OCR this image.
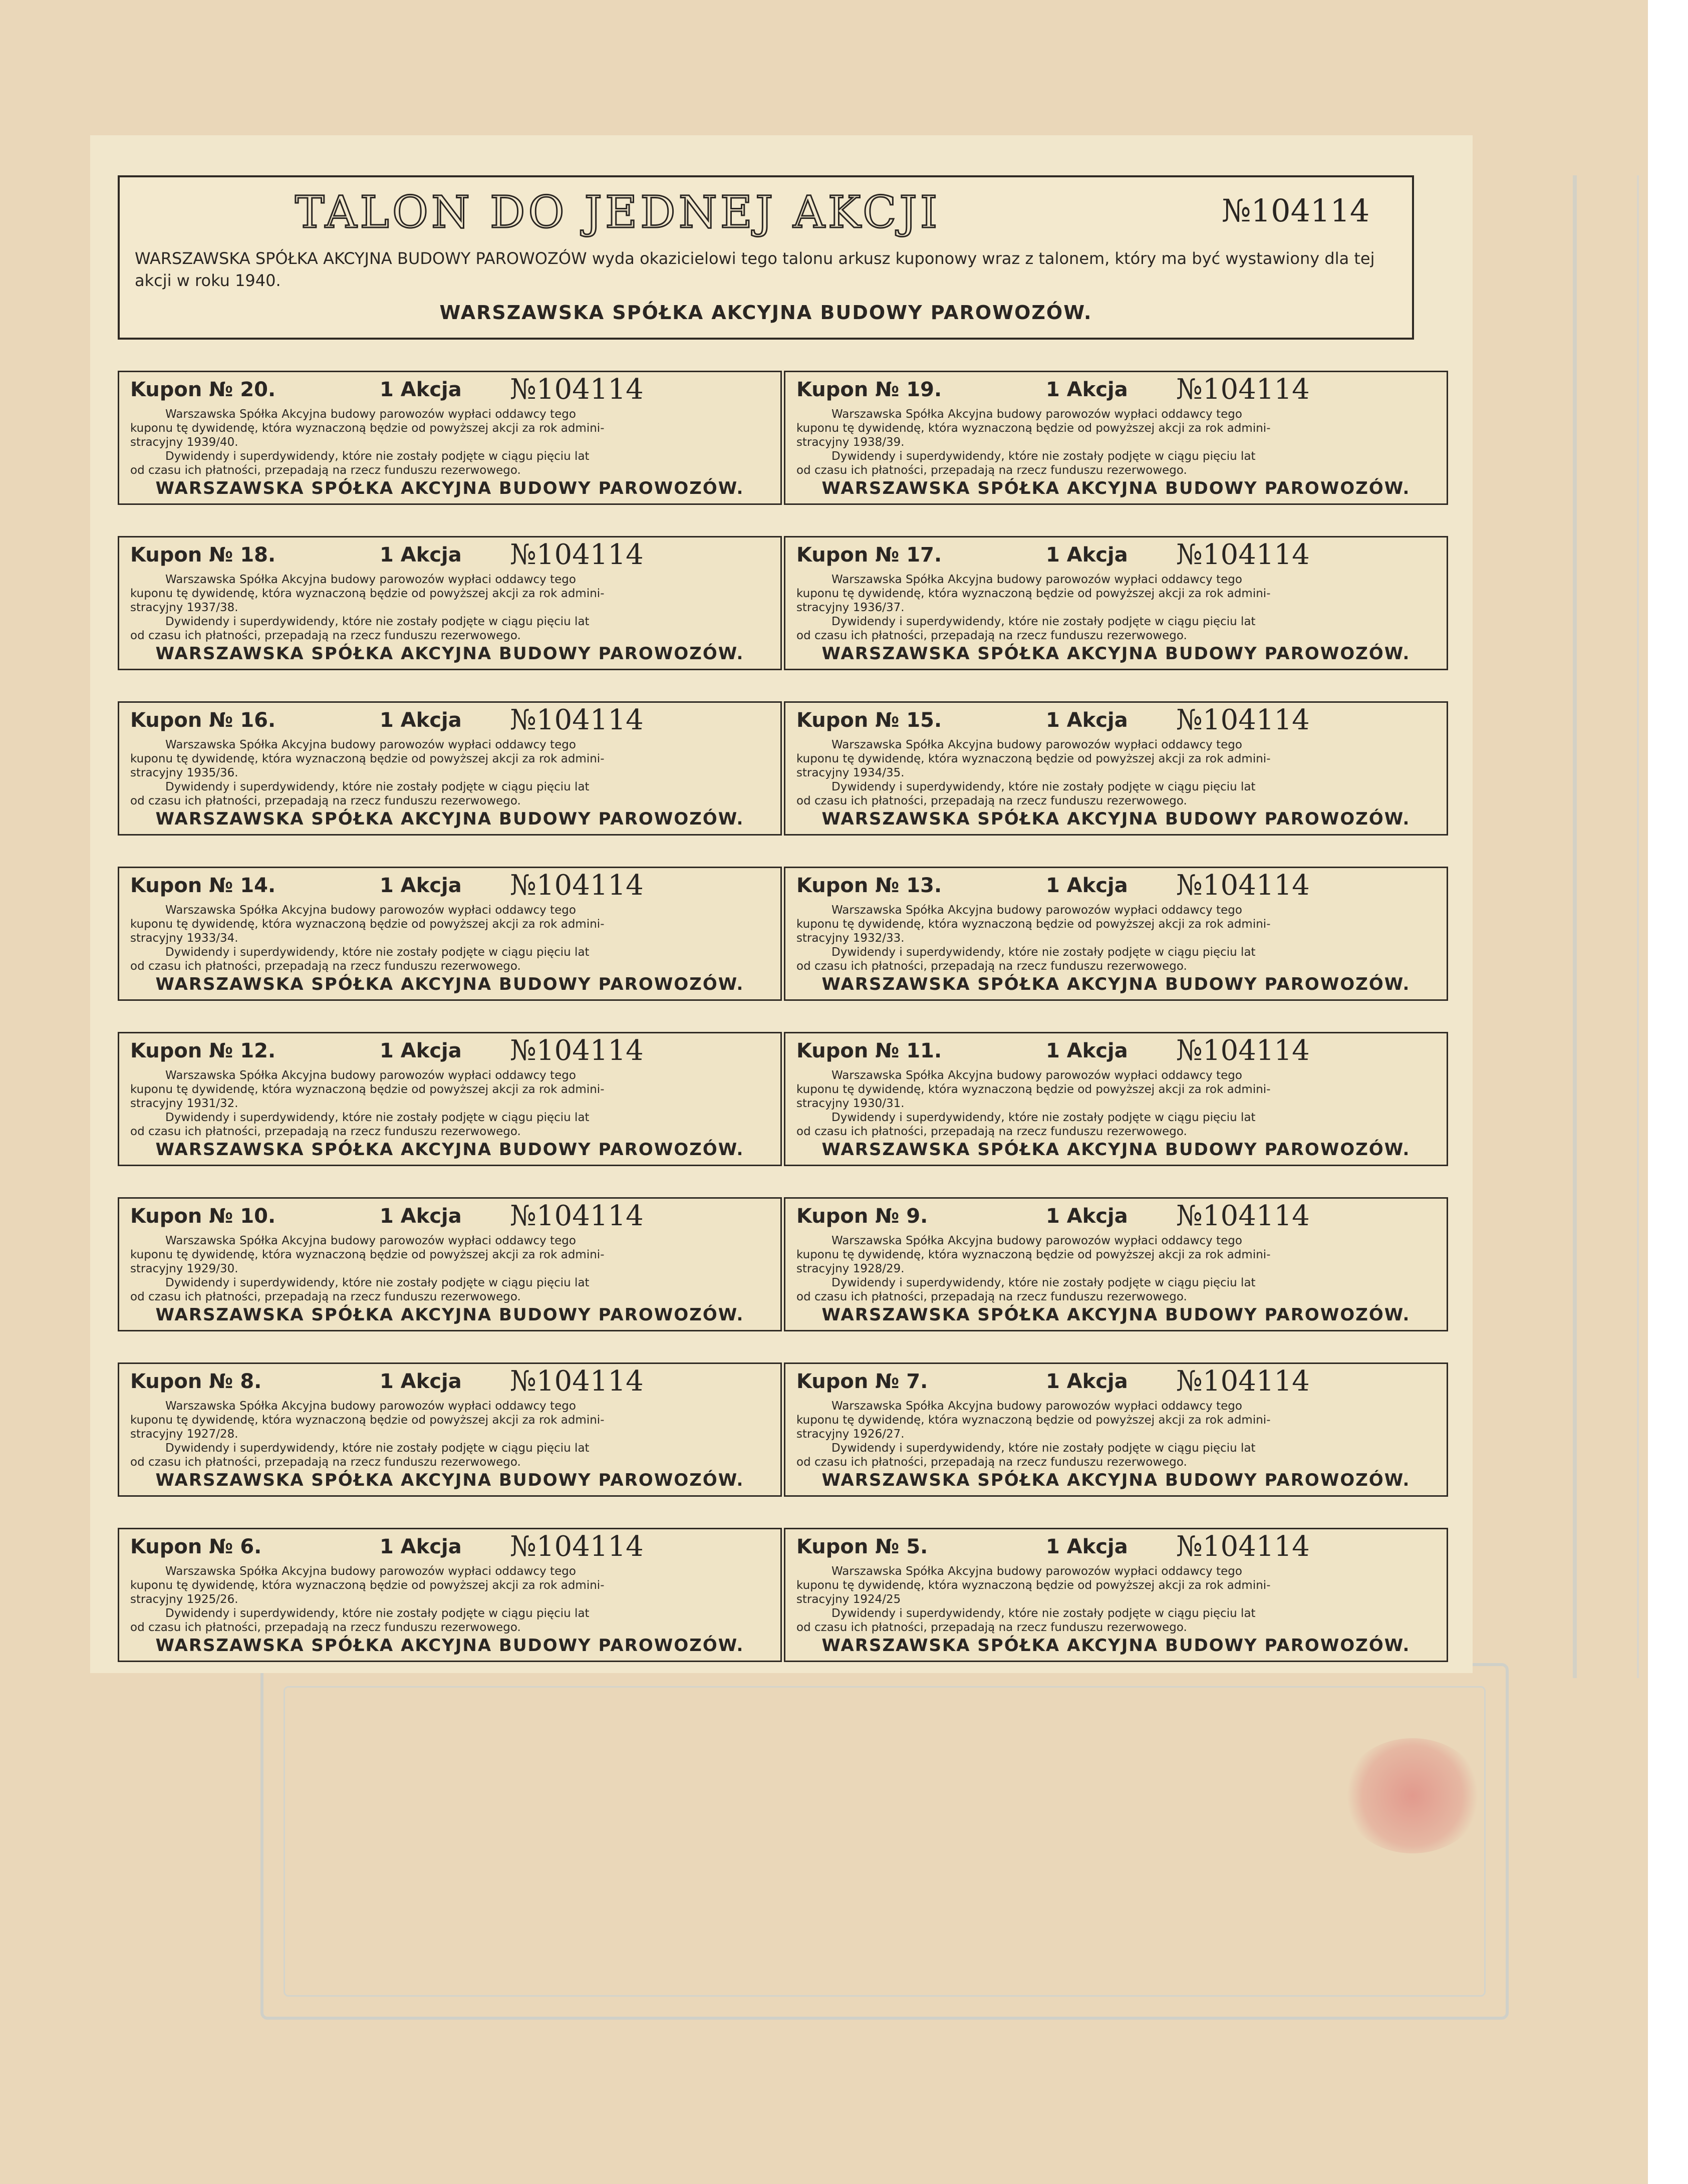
TALON DO JEDNEJ AKCJI	№104114
WARSZAWSKA SPÓŁKA AKCYJNA BUDOWY PAROWOZÓW wyda okazicielowi tego talonu arkusz kuponowy wraz z talonem, który ma być wystawiony dla tej akcji w roku 1940.
WARSZAWSKA SPÓŁKA AKCYJNA BUDOWY PAROWOZÓW.
Kupon № 20.	1 Akcja №104114

Warszawska Spółka Akcyjna budowy parowozów wypłaci oddawcy tego

kuponu tę dywidendę, która wyznaczoną będzie od powyższej akcji za rok admini-

stracyjny 1939/40.

Dywidendy i superdywidendy, które nie zostały podjęte w ciągu pięciu lat

od czasu ich płatności, przepadają na rzecz funduszu rezerwowego.

WARSZAWSKA SPÓŁKA AKCYJNA BUDOWY PAROWOZÓW.
Kupon № 19.	1 Akcja №104114

Warszawska Spółka Akcyjna budowy parowozów wypłaci oddawcy tego

kuponu tę dywidendę, która wyznaczoną będzie od powyższej akcji za rok admini-

stracyjny 1938/39.

Dywidendy i superdywidendy, które nie zostały podjęte w ciągu pięciu lat

od czasu ich płatności, przepadają na rzecz funduszu rezerwowego.

WARSZAWSKA SPÓŁKA AKCYJNA BUDOWY PAROWOZÓW.
Kupon № 18.	1 Akcja №104114

Warszawska Spółka Akcyjna budowy parowozów wypłaci oddawcy tego

kuponu tę dywidendę, która wyznaczoną będzie od powyższej akcji za rok admini-

stracyjny 1937/38.

Dywidendy i superdywidendy, które nie zostały podjęte w ciągu pięciu lat

od czasu ich płatności, przepadają na rzecz funduszu rezerwowego.

WARSZAWSKA SPÓŁKA AKCYJNA BUDOWY PAROWOZÓW.
Kupon № 17.	1 Akcja №104114

Warszawska Spółka Akcyjna budowy parowozów wypłaci oddawcy tego

kuponu tę dywidendę, która wyznaczoną będzie od powyższej akcji za rok admini-

stracyjny 1936/37.

Dywidendy i superdywidendy, które nie zostały podjęte w ciągu pięciu lat

od czasu ich płatności, przepadają na rzecz funduszu rezerwowego.

WARSZAWSKA SPÓŁKA AKCYJNA BUDOWY PAROWOZÓW.
Kupon № 16.	1 Akcja №104114

Warszawska Spółka Akcyjna budowy parowozów wypłaci oddawcy tego

kuponu tę dywidendę, która wyznaczoną będzie od powyższej akcji za rok admini-

stracyjny 1935/36.

Dywidendy i superdywidendy, które nie zostały podjęte w ciągu pięciu lat

od czasu ich płatności, przepadają na rzecz funduszu rezerwowego.

WARSZAWSKA SPÓŁKA AKCYJNA BUDOWY PAROWOZÓW.
Kupon № 15.	1 Akcja №104114

Warszawska Spółka Akcyjna budowy parowozów wypłaci oddawcy tego

kuponu tę dywidendę, która wyznaczoną będzie od powyższej akcji za rok admini-

stracyjny 1934/35.

Dywidendy i superdywidendy, które nie zostały podjęte w ciągu pięciu lat

od czasu ich płatności, przepadają na rzecz funduszu rezerwowego.

WARSZAWSKA SPÓŁKA AKCYJNA BUDOWY PAROWOZÓW.
Kupon № 14.	1 Akcja №104114

Warszawska Spółka Akcyjna budowy parowozów wypłaci oddawcy tego

kuponu tę dywidendę, która wyznaczoną będzie od powyższej akcji za rok admini-

stracyjny 1933/34.

Dywidendy i superdywidendy, które nie zostały podjęte w ciągu pięciu lat

od czasu ich płatności, przepadają na rzecz funduszu rezerwowego.

WARSZAWSKA SPÓŁKA AKCYJNA BUDOWY PAROWOZÓW.
Kupon № 13.	1 Akcja №104114

Warszawska Spółka Akcyjna budowy parowozów wypłaci oddawcy tego

kuponu tę dywidendę, która wyznaczoną będzie od powyższej akcji za rok admini-

stracyjny 1932/33.

Dywidendy i superdywidendy, które nie zostały podjęte w ciągu pięciu lat

od czasu ich płatności, przepadają na rzecz funduszu rezerwowego.

WARSZAWSKA SPÓŁKA AKCYJNA BUDOWY PAROWOZÓW.
Kupon № 12.	1 Akcja №104114

Warszawska Spółka Akcyjna budowy parowozów wypłaci oddawcy tego

kuponu tę dywidendę, która wyznaczoną będzie od powyższej akcji za rok admini-

stracyjny 1931/32.

Dywidendy i superdywidendy, które nie zostały podjęte w ciągu pięciu lat

od czasu ich płatności, przepadają na rzecz funduszu rezerwowego.

WARSZAWSKA SPÓŁKA AKCYJNA BUDOWY PAROWOZÓW.
Kupon № 11.	1 Akcja №104114

Warszawska Spółka Akcyjna budowy parowozów wypłaci oddawcy tego

kuponu tę dywidendę, która wyznaczoną będzie od powyższej akcji za rok admini-

stracyjny 1930/31.

Dywidendy i superdywidendy, które nie zostały podjęte w ciągu pięciu lat

od czasu ich płatności, przepadają na rzecz funduszu rezerwowego.

WARSZAWSKA SPÓŁKA AKCYJNA BUDOWY PAROWOZÓW.
Kupon № 10.	1 Akcja №104114

Warszawska Spółka Akcyjna budowy parowozów wypłaci oddawcy tego

kuponu tę dywidendę, która wyznaczoną będzie od powyższej akcji za rok admini-

stracyjny 1929/30.

Dywidendy i superdywidendy, które nie zostały podjęte w ciągu pięciu lat

od czasu ich płatności, przepadają na rzecz funduszu rezerwowego.

WARSZAWSKA SPÓŁKA AKCYJNA BUDOWY PAROWOZÓW.
Kupon № 9.	1 Akcja №104114

Warszawska Spółka Akcyjna budowy parowozów wypłaci oddawcy tego

kuponu tę dywidendę, która wyznaczoną będzie od powyższej akcji za rok admini-

stracyjny 1928/29.

Dywidendy i superdywidendy, które nie zostały podjęte w ciągu pięciu lat

od czasu ich płatności, przepadają na rzecz funduszu rezerwowego.

WARSZAWSKA SPÓŁKA AKCYJNA BUDOWY PAROWOZÓW.
Kupon № 8.	1 Akcja №104114

Warszawska Spółka Akcyjna budowy parowozów wypłaci oddawcy tego

kuponu tę dywidendę, która wyznaczoną będzie od powyższej akcji za rok admini-

stracyjny 1927/28.

Dywidendy i superdywidendy, które nie zostały podjęte w ciągu pięciu lat

od czasu ich płatności, przepadają na rzecz funduszu rezerwowego.

WARSZAWSKA SPÓŁKA AKCYJNA BUDOWY PAROWOZÓW.
Kupon № 7.	1 Akcja №104114

Warszawska Spółka Akcyjna budowy parowozów wypłaci oddawcy tego

kuponu tę dywidendę, która wyznaczoną będzie od powyższej akcji za rok admini-

stracyjny 1926/27.

Dywidendy i superdywidendy, które nie zostały podjęte w ciągu pięciu lat

od czasu ich płatności, przepadają na rzecz funduszu rezerwowego.

WARSZAWSKA SPÓŁKA AKCYJNA BUDOWY PAROWOZÓW.
Kupon № 6.	1 Akcja №104114

Warszawska Spółka Akcyjna budowy parowozów wypłaci oddawcy tego

kuponu tę dywidendę, która wyznaczoną będzie od powyższej akcji za rok admini-

stracyjny 1925/26.

Dywidendy i superdywidendy, które nie zostały podjęte w ciągu pięciu lat

od czasu ich płatności, przepadają na rzecz funduszu rezerwowego.

WARSZAWSKA SPÓŁKA AKCYJNA BUDOWY PAROWOZÓW.
Kupon № 5.	1 Akcja №104114

Warszawska Spółka Akcyjna budowy parowozów wypłaci oddawcy tego

kuponu tę dywidendę, która wyznaczoną będzie od powyższej akcji za rok admini-

stracyjny 1924/25

Dywidendy i superdywidendy, które nie zostały podjęte w ciągu pięciu lat

od czasu ich płatności, przepadają na rzecz funduszu rezerwowego.

WARSZAWSKA SPÓŁKA AKCYJNA BUDOWY PAROWOZÓW.
